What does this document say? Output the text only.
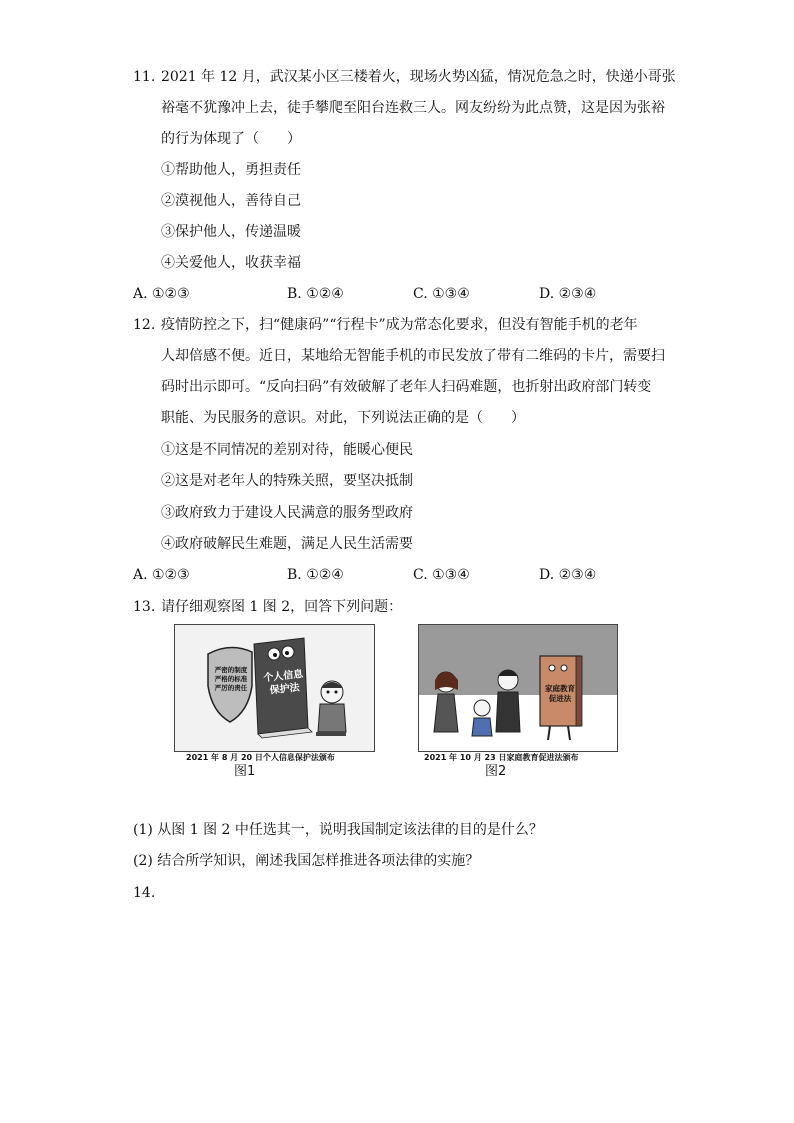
11. 2021 年 12 月，武汉某小区三楼着火，现场火势凶猛，情况危急之时，快递小哥张
裕毫不犹豫冲上去，徒手攀爬至阳台连救三人。网友纷纷为此点赞，这是因为张裕
的行为体现了（　　）
①帮助他人，勇担责任
②漠视他人，善待自己
③保护他人，传递温暖
④关爱他人，收获幸福
A. ①②③	B. ①②④	C. ①③④	D. ②③④
12. 疫情防控之下，扫“健康码”“行程卡”成为常态化要求，但没有智能手机的老年
人却倍感不便。近日，某地给无智能手机的市民发放了带有二维码的卡片，需要扫
码时出示即可。“反向扫码”有效破解了老年人扫码难题，也折射出政府部门转变
职能、为民服务的意识。对此，下列说法正确的是（　　）
①这是不同情况的差别对待，能暖心便民
②这是对老年人的特殊关照，要坚决抵制
③政府致力于建设人民满意的服务型政府
④政府破解民生难题，满足人民生活需要
A. ①②③	B. ①②④	C. ①③④	D. ②③④
13. 请仔细观察图 1 图 2，回答下列问题：
严密的制度
严格的标准
严厉的责任
个人信息
保护法
2021 年 8 月 20 日个人信息保护法颁布
图1
家庭教育
促进法
2021 年 10 月 23 日家庭教育促进法颁布
图2
(1) 从图 1 图 2 中任选其一，说明我国制定该法律的目的是什么？
(2) 结合所学知识，阐述我国怎样推进各项法律的实施？
14.
